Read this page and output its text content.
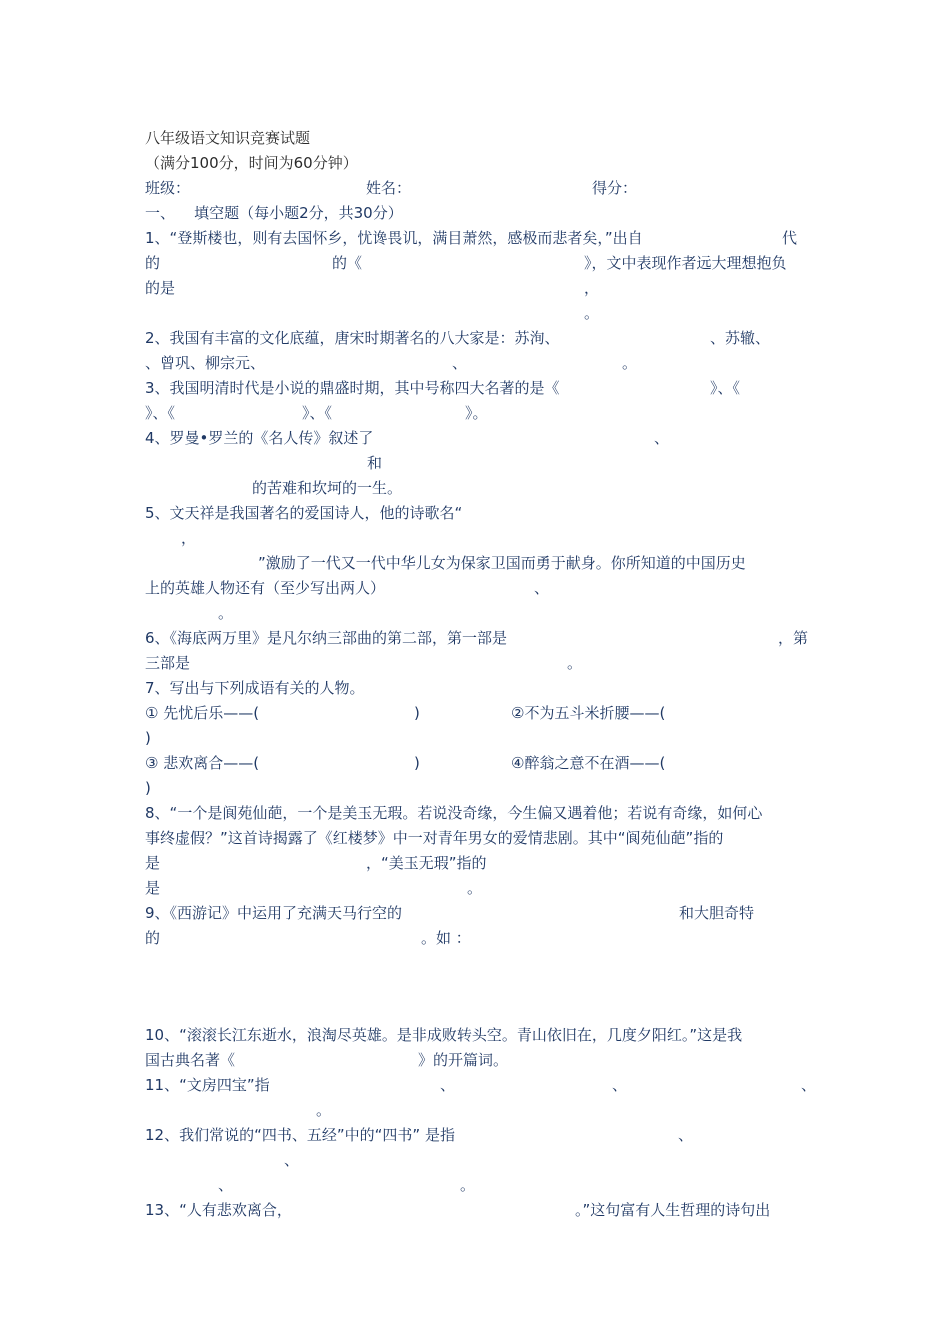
八年级语文知识竞赛试题
（满分100分，时间为60分钟）
班级：	姓名：	得分：
一、    填空题（每小题2分，共30分）
1、“登斯楼也，则有去国怀乡，忧谗畏讥，满目萧然，感极而悲者矣，”出自	代
的	的《	》，文中表现作者远大理想抱负
的是	，
。
2、我国有丰富的文化底蕴，唐宋时期著名的八大家是：苏洵、	、苏辙、
、曾巩、柳宗元、	、	。
3、我国明清时代是小说的鼎盛时期，其中号称四大名著的是《	》、《
》、《	》、《	》。
4、罗曼•罗兰的《名人传》叙述了	、
和
的苦难和坎坷的一生。
5、文天祥是我国著名的爱国诗人，他的诗歌名“
，
”激励了一代又一代中华儿女为保家卫国而勇于献身。你所知道的中国历史
上的英雄人物还有（至少写出两人）	、
。
6、《海底两万里》是凡尔纳三部曲的第二部，第一部是	，第
三部是	。
7、写出与下列成语有关的人物。
① 先忧后乐——(	)	②不为五斗米折腰——(
)
③ 悲欢离合——(	)	④醉翁之意不在酒——(
)
8、“一个是阆苑仙葩，一个是美玉无瑕。若说没奇缘，今生偏又遇着他；若说有奇缘，如何心
事终虚假？”这首诗揭露了《红楼梦》中一对青年男女的爱情悲剧。其中“阆苑仙葩”指的
是	，“美玉无瑕”指的
是	。
9、《西游记》中运用了充满天马行空的	和大胆奇特
的	。如 ：
10、“滚滚长江东逝水，浪淘尽英雄。是非成败转头空。青山依旧在，几度夕阳红。”这是我
国古典名著《	》的开篇词。
11、“文房四宝”指	、	、	、
。
12、我们常说的“四书、五经”中的“四书” 是指	、
、
、	。
13、“人有悲欢离合，	。”这句富有人生哲理的诗句出
